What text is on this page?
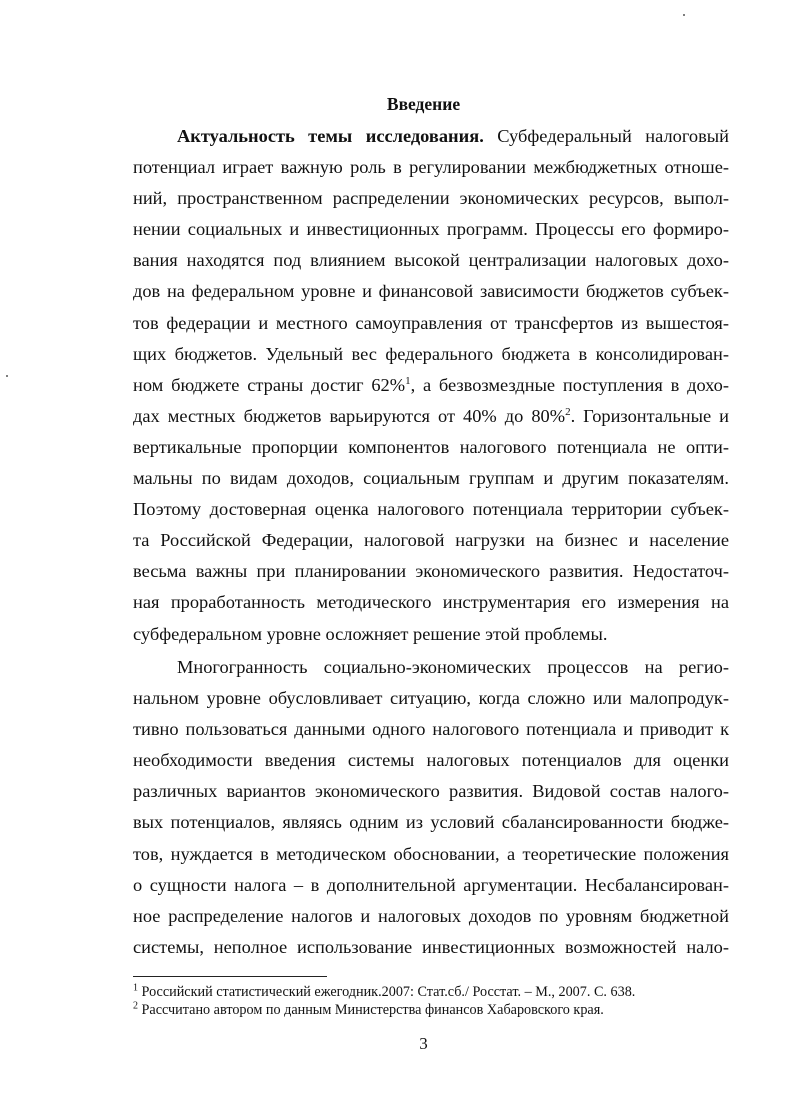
Введение
Актуальность темы исследования. Субфедеральный налоговый
потенциал играет важную роль в регулировании межбюджетных отноше-
ний, пространственном распределении экономических ресурсов, выпол-
нении социальных и инвестиционных программ. Процессы его формиро-
вания находятся под влиянием высокой централизации налоговых дохо-
дов на федеральном уровне и финансовой зависимости бюджетов субъек-
тов федерации и местного самоуправления от трансфертов из вышестоя-
щих бюджетов. Удельный вес федерального бюджета в консолидирован-
ном бюджете страны достиг 62%$^1$, а безвозмездные поступления в дохо-
дах местных бюджетов варьируются от 40% до 80%$^2$. Горизонтальные и
вертикальные пропорции компонентов налогового потенциала не опти-
мальны по видам доходов, социальным группам и другим показателям.
Поэтому достоверная оценка налогового потенциала территории субъек-
та Российской Федерации, налоговой нагрузки на бизнес и население
весьма важны при планировании экономического развития. Недостаточ-
ная проработанность методического инструментария его измерения на
субфедеральном уровне осложняет решение этой проблемы.
Многогранность социально-экономических процессов на регио-
нальном уровне обусловливает ситуацию, когда сложно или малопродук-
тивно пользоваться данными одного налогового потенциала и приводит к
необходимости введения системы налоговых потенциалов для оценки
различных вариантов экономического развития. Видовой состав налого-
вых потенциалов, являясь одним из условий сбалансированности бюдже-
тов, нуждается в методическом обосновании, а теоретические положения
о сущности налога – в дополнительной аргументации. Несбалансирован-
ное распределение налогов и налоговых доходов по уровням бюджетной
системы, неполное использование инвестиционных возможностей нало-
$^1$ Российский статистический ежегодник.2007: Стат.сб./ Росстат. – М., 2007. С. 638.
$^2$ Рассчитано автором по данным Министерства финансов Хабаровского края.
3
